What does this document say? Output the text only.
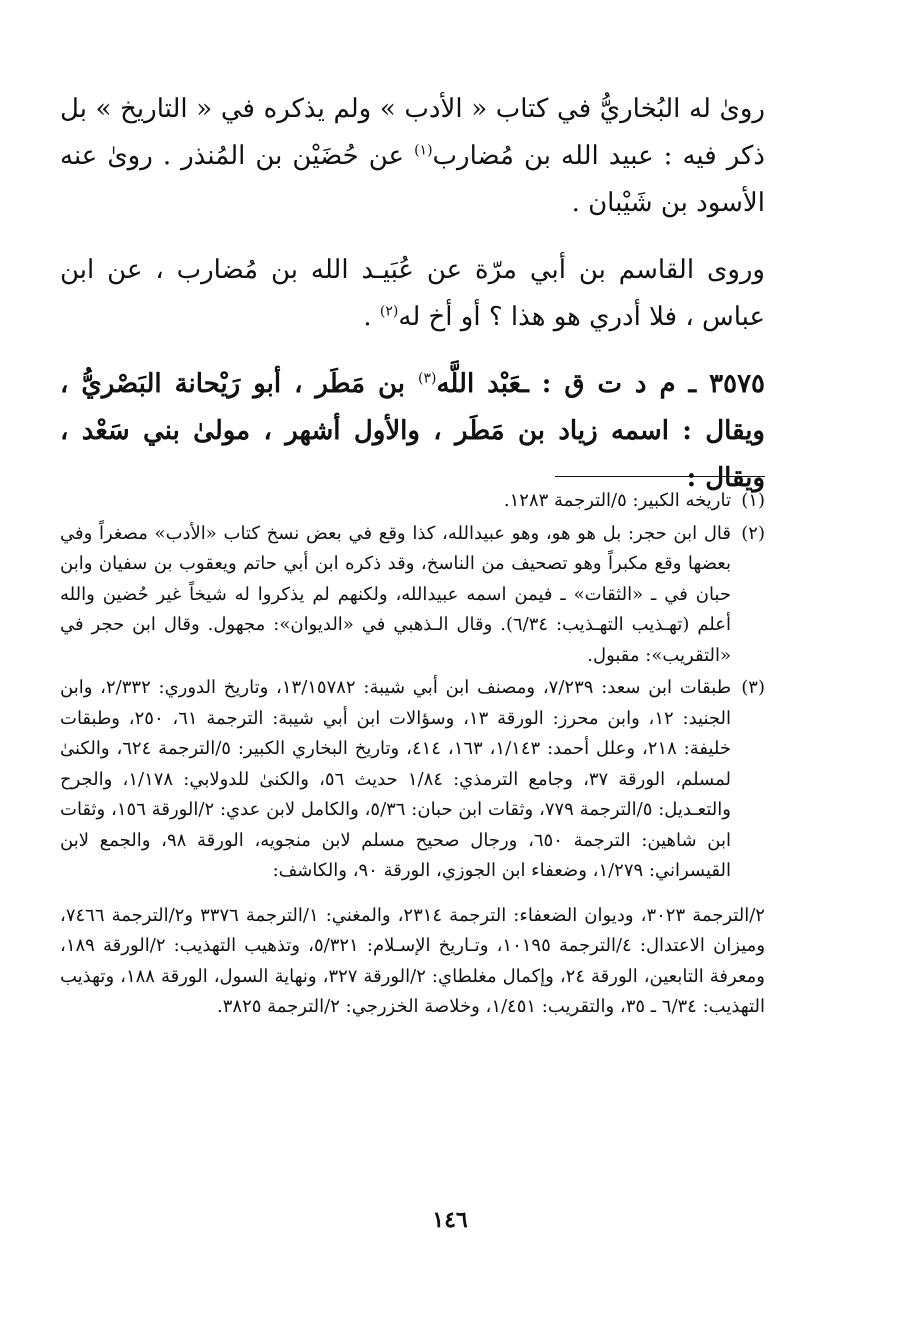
روىٰ له البُخاريُّ في كتاب « الأدب » ولم يذكره في « التاريخ » بل ذكر فيه : عبيد الله بن مُضارب$^{(١)}$ عن حُضَيْن بن المُنذر . روىٰ عنه الأسود بن شَيْبان .

وروى القاسم بن أبي مرّة عن عُبَيـد الله بن مُضارب ، عن ابن عباس ، فلا أدري هو هذا ؟ أو أخ له$^{(٢)}$ .

٣٥٧٥ ـ م د ت ق : ـعَبْد اللَّه$^{(٣)}$ بن مَطَر ، أبو رَيْحانة البَصْريُّ ، ويقال : اسمه زياد بن مَطَر ، والأول أشهر ، مولىٰ بني سَعْد ، ويقال :

(١)
تاريخه الكبير: ٥/الترجمة ١٢٨٣.

(٢)
قال ابن حجر: بل هو هو، وهو عبيدالله، كذا وقع في بعض نسخ كتاب «الأدب» مصغراً وفي بعضها وقع مكبراً وهو تصحيف من الناسخ، وقد ذكره ابن أبي حاتم ويعقوب بن سفيان وابن حبان في ـ «الثقات» ـ فيمن اسمه عبيدالله، ولكنهم لم يذكروا له شيخاً غير حُضين والله أعلم (تهـذيب التهـذيب: ٦/٣٤). وقال الـذهبي في «الديوان»: مجهول. وقال ابن حجر في «التقريب»: مقبول.

(٣)
طبقات ابن سعد: ٧/٢٣٩، ومصنف ابن أبي شيبة: ١٣/١٥٧٨٢، وتاريخ الدوري: ٢/٣٣٢، وابن الجنيد: ١٢، وابن محرز: الورقة ١٣، وسؤالات ابن أبي شيبة: الترجمة ٦١، ٢٥٠، وطبقات خليفة: ٢١٨، وعلل أحمد: ١/١٤٣، ١٦٣، ٤١٤، وتاريخ البخاري الكبير: ٥/الترجمة ٦٢٤، والكنىٰ لمسلم، الورقة ٣٧، وجامع الترمذي: ١/٨٤ حديث ٥٦، والكنىٰ للدولابي: ١/١٧٨، والجرح والتعـديل: ٥/الترجمة ٧٧٩، وثقات ابن حبان: ٥/٣٦، والكامل لابن عدي: ٢/الورقة ١٥٦، وثقات ابن شاهين: الترجمة ٦٥٠، ورجال صحيح مسلم لابن منجويه، الورقة ٩٨، والجمع لابن القيسراني: ١/٢٧٩، وضعفاء ابن الجوزي، الورقة ٩٠، والكاشف:

٢/الترجمة ٣٠٢٣، وديوان الضعفاء: الترجمة ٢٣١٤، والمغني: ١/الترجمة ٣٣٧٦ و٢/الترجمة ٧٤٦٦، وميزان الاعتدال: ٤/الترجمة ١٠١٩٥، وتـاريخ الإسـلام: ٥/٣٢١، وتذهيب التهذيب: ٢/الورقة ١٨٩، ومعرفة التابعين، الورقة ٢٤، وإكمال مغلطاي: ٢/الورقة ٣٢٧، ونهاية السول، الورقة ١٨٨، وتهذيب التهذيب: ٦/٣٤ ـ ٣٥، والتقريب: ١/٤٥١، وخلاصة الخزرجي: ٢/الترجمة ٣٨٢٥.

١٤٦
